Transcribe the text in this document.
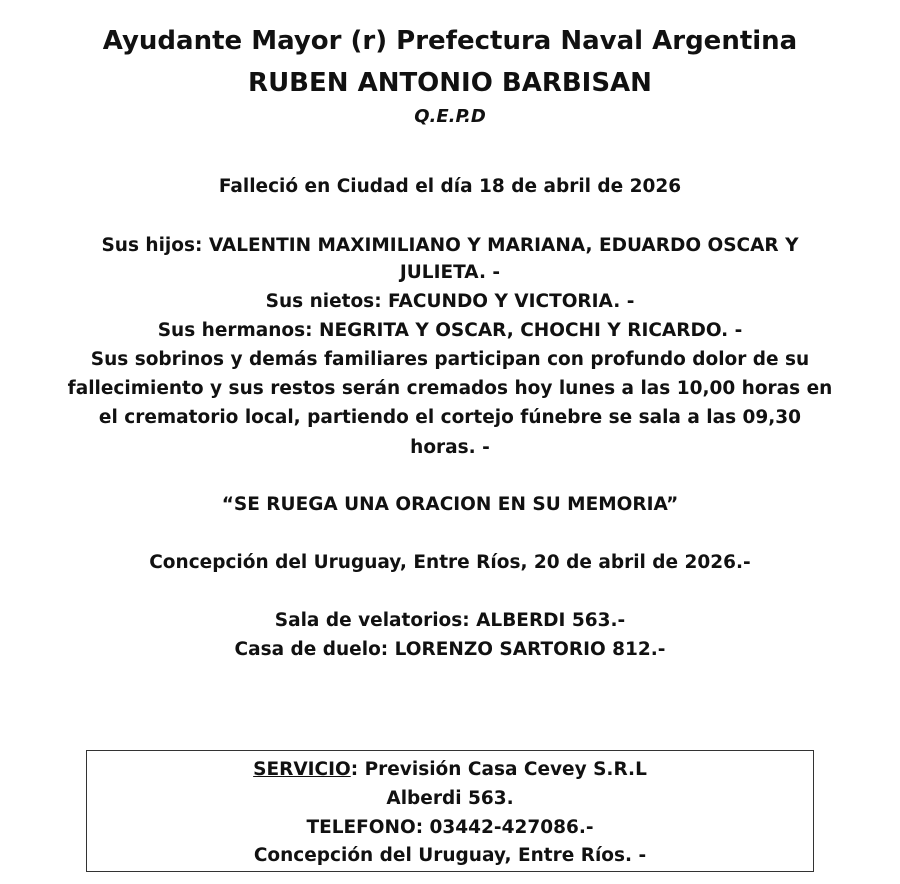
Ayudante Mayor (r) Prefectura Naval Argentina
RUBEN ANTONIO BARBISAN
Q.E.P.D
Falleció en Ciudad el día 18 de abril de 2026
Sus hijos: VALENTIN MAXIMILIANO Y MARIANA, EDUARDO OSCAR Y
JULIETA. -
Sus nietos: FACUNDO Y VICTORIA. -
Sus hermanos: NEGRITA Y OSCAR, CHOCHI Y RICARDO. -
Sus sobrinos y demás familiares participan con profundo dolor de su
fallecimiento y sus restos serán cremados hoy lunes a las 10,00 horas en
el crematorio local, partiendo el cortejo fúnebre se sala a las 09,30
horas. -
“SE RUEGA UNA ORACION EN SU MEMORIA”
Concepción del Uruguay, Entre Ríos, 20 de abril de 2026.-
Sala de velatorios: ALBERDI 563.-
Casa de duelo: LORENZO SARTORIO 812.-
SERVICIO: Previsión Casa Cevey S.R.L
Alberdi 563.
TELEFONO: 03442-427086.-
Concepción del Uruguay, Entre Ríos. -
